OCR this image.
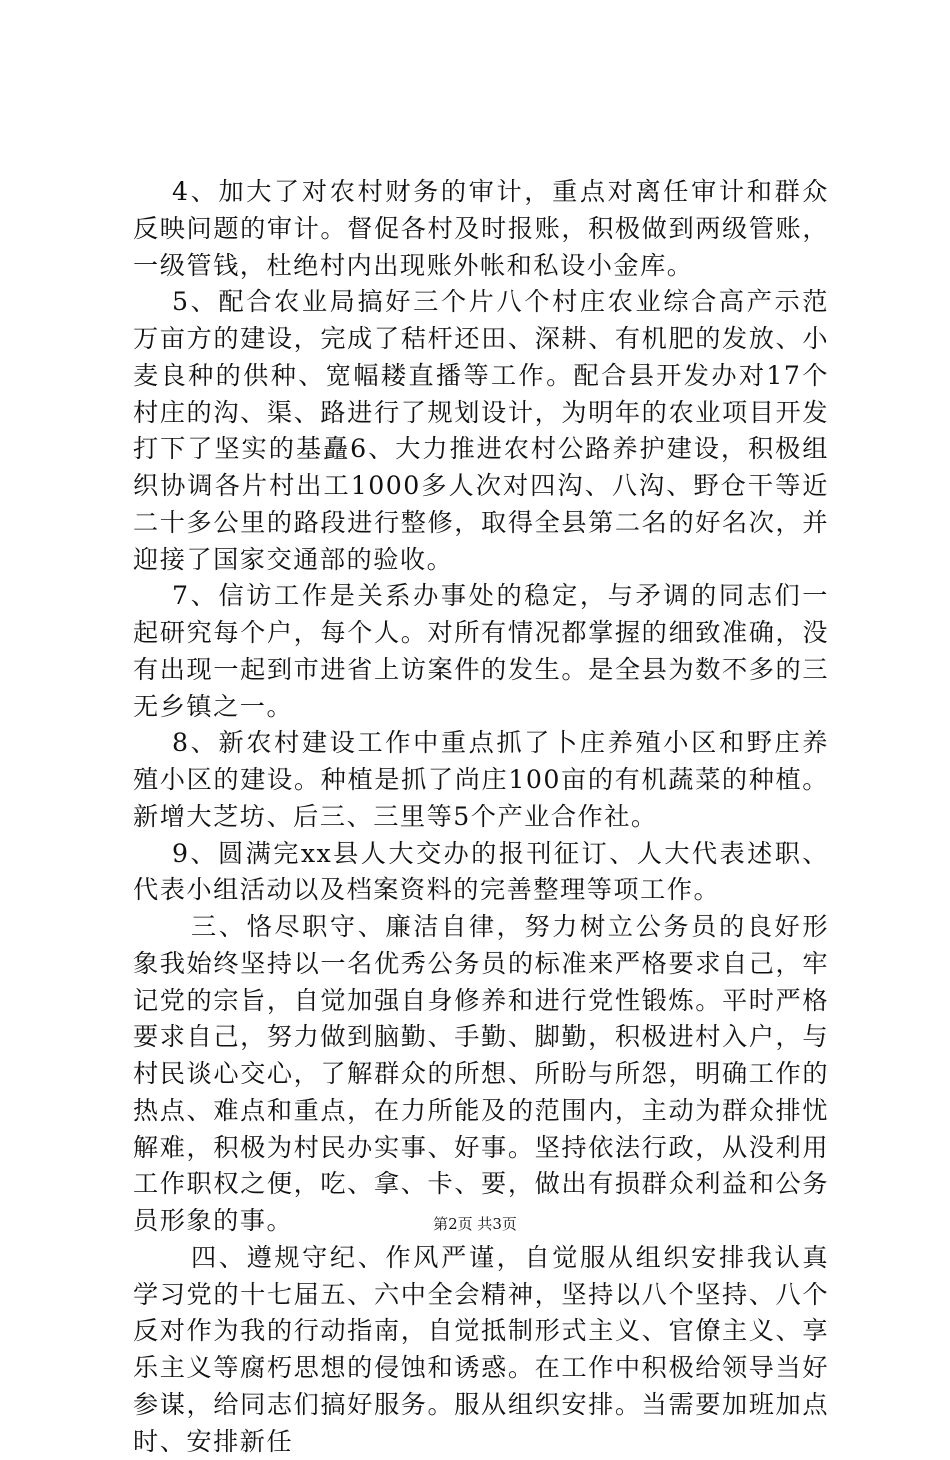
4、加大了对农村财务的审计，重点对离任审计和群众反映问题的审计。督促各村及时报账，积极做到两级管账，一级管钱，杜绝村内出现账外帐和私设小金库。

5、配合农业局搞好三个片八个村庄农业综合高产示范万亩方的建设，完成了秸杆还田、深耕、有机肥的发放、小麦良种的供种、宽幅耧直播等工作。配合县开发办对17个村庄的沟、渠、路进行了规划设计，为明年的农业项目开发打下了坚实的基矗6、大力推进农村公路养护建设，积极组织协调各片村出工1000多人次对四沟、八沟、野仓干等近二十多公里的路段进行整修，取得全县第二名的好名次，并迎接了国家交通部的验收。

7、信访工作是关系办事处的稳定，与矛调的同志们一起研究每个户，每个人。对所有情况都掌握的细致准确，没有出现一起到市进省上访案件的发生。是全县为数不多的三无乡镇之一。

8、新农村建设工作中重点抓了卜庄养殖小区和野庄养殖小区的建设。种植是抓了尚庄100亩的有机蔬菜的种植。新增大芝坊、后三、三里等5个产业合作社。

9、圆满完xx县人大交办的报刊征订、人大代表述职、代表小组活动以及档案资料的完善整理等项工作。

三、恪尽职守、廉洁自律，努力树立公务员的良好形象我始终坚持以一名优秀公务员的标准来严格要求自己，牢记党的宗旨，自觉加强自身修养和进行党性锻炼。平时严格要求自己，努力做到脑勤、手勤、脚勤，积极进村入户，与村民谈心交心，了解群众的所想、所盼与所怨，明确工作的热点、难点和重点，在力所能及的范围内，主动为群众排忧解难，积极为村民办实事、好事。坚持依法行政，从没利用工作职权之便，吃、拿、卡、要，做出有损群众利益和公务员形象的事。

四、遵规守纪、作风严谨，自觉服从组织安排我认真学习党的十七届五、六中全会精神，坚持以八个坚持、八个反对作为我的行动指南，自觉抵制形式主义、官僚主义、享乐主义等腐朽思想的侵蚀和诱惑。在工作中积极给领导当好参谋，给同志们搞好服务。服从组织安排。当需要加班加点时、安排新任

第2页 共3页
